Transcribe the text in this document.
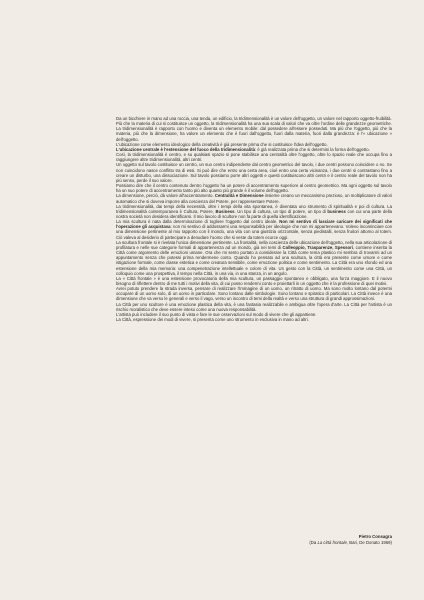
Da un bicchiere in mano ad una roccia, una tenda, un edificio, la tridimensionalità è un valore dell'oggetto, un valore nel rapporto oggetto-fruibilità.

Più che la materia di cui si costituisce un oggetto, la tridimensionalità ha una sua scala di valori che va oltre l'ordine delle grandezze geometriche. La tridimensionalità è rapporto con l'uomo e diventa un elemento mobile: dal possedere all'essere posseduti. Ma più che l'oggetto, più che la materia, più che la dimensione, ha valore un elemento che è fuori dall'oggetto, fuori dalla materia, fuori dalla grandezza: è l'« ubicazione » dell'oggetto.

L'ubicazione come elemento ideologico della creatività è già presente prima che si costituisce l'idea dell'oggetto.

L'ubicazione centrale è l'estensione del fuoco della tridimensionalità: è già realizzata prima che si determini la forma dell'oggetto.

Così, la tridimensionalità è centro, e su qualsiasi spazio si pone stabilisce una centralità oltre l'oggetto, oltre lo spazio reale che occupa fino a raggiungere altre tridimensionalità, altri centri.

Un oggetto sul tavolo costituisce un centro, un suo centro indipendente dal centro geometrico del tavolo, i due centri possono coincidere o no. Se non coincidono nasce conflitto tra di essi. Si può dire che entro una certa area, cioè entro una certa vicinanza, i due centri si contrastano fino a creare un disturbo, una dissociazione. Sul tavolo possiamo porre altri oggetti e questi costituiscono altri centri e il centro reale del tavolo non ha più senso, perde il suo valore.

Possiamo dire che il centro contenuto dentro l'oggetto ha un potere di accentramento superiore al centro geometrico. Ma ogni oggetto sul tavolo ha un suo potere di accentramento tanto più alto quanto più grande è il volume dell'oggetto.

La dimensione, perciò, dà valore all'accentramento. Centralità e Dimensione insieme creano un meccanismo prezioso, un moltiplicatore di valori automatico che si doveva imporre alla coscienza del Potere, per rappresentare Potere.

La tridimensionalità, dai tempi della necessità, oltre i tempi della vita spontanea, è diventata uno strumento di spiritualità e poi di cultura. La tridimensionalità contemporanea è Cultura, Potere, Business. Un tipo di cultura, un tipo di potere, un tipo di business con cui una parte della nostra società non desidera identificarsi. Il mio lavoro di scultore non fa parte di quella identificazione.

La mia scultura è nata dalla determinazione di togliere l'oggetto dal centro ideale. Non mi sentivo di lasciare caricare dei significati che l'operazione gli acquistava: non mi sentivo di addossarmi una responsabilità per ideologie che non mi appartenevano. Volevo incominciare con una dimensione pertinente al mio rapporto con il mondo, una vita con una giustizia orizzontale, senza piedistalli, senza fruitori attorno al totem. Ciò valeva al desiderio di partecipare a denudare l'uomo che si veste da totem ecorce oggi.

La scultura frontale si è rivelata l'unica dimensione pertinente. La frontalità, nella coscienza delle ubicazione dell'oggetto, nella sua articolazione di profilatura e nelle sue categorie formali di appartenenza ad un mondo, già nei temi di Colleoppio, Trasparenze, Spessori, contiene inserita la Città come argomento delle emozioni umane. Ora che mi sento portato a considerare la Città come tema plastico mi sembra di trovarmi ad un appuntamento senza che potessi prima rendermene conto. Quando ho pensato ad una scultura, la città era presente come umore e come istigazione formale, come classe estetica e come creatura sensibile, come emozione politica e come sentimento. La Città era uno sfondo ed una estensione della mia memoria: una compenetrazione intellettuale e colore di vita. Un gesto con la Città, un sentimento come una Città, un colloquio come una prospettiva, il tempo nella Città, in una via, in una stanza, in un angolo.

La « Città frontale » è una estensione provocatoria della mia scultura, un passaggio spontaneo e obbligato, una forza maggiore. E il nuovo bisogno di riflettere dentro di me tutti i motivi della vita, di cui posso rendermi conto e proiettarli in un oggetto che è la professione di quei motivi.

Avrei potuto prendere la strada inversa, pensare di realizzare l'immagine di un uomo, un ritratto di uomo. Ma sono molto lontano dal potermi occupare di un uomo solo, di un uomo in particolare. Sono lontano dalle simbologie. Sono lontano e spiratico di particolari. La Città invece è una dimensione che va verso le generali e verso il vago, verso un incontro di temi della realtà e verso una struttura di grandi approssimazioni.

La Città per uno scultore è una emozione plastica della vita, è una fantasia realizzabile e ambigua oltre l'opera d'arte. La Città per l'artista è un rischio moralistico che deve essere inteso come una nuova responsabilità.

L'artista può includere il suo punto di vista e fare le sue osservazioni sul modo di vivere che gli appartiene.

La Città, espressione dei modi di vivere, si presenta come uno strumento in esclusiva in mano ad altri.

Pietro Consagra
(Da La città frontale, Bari, De Donato 1969)
